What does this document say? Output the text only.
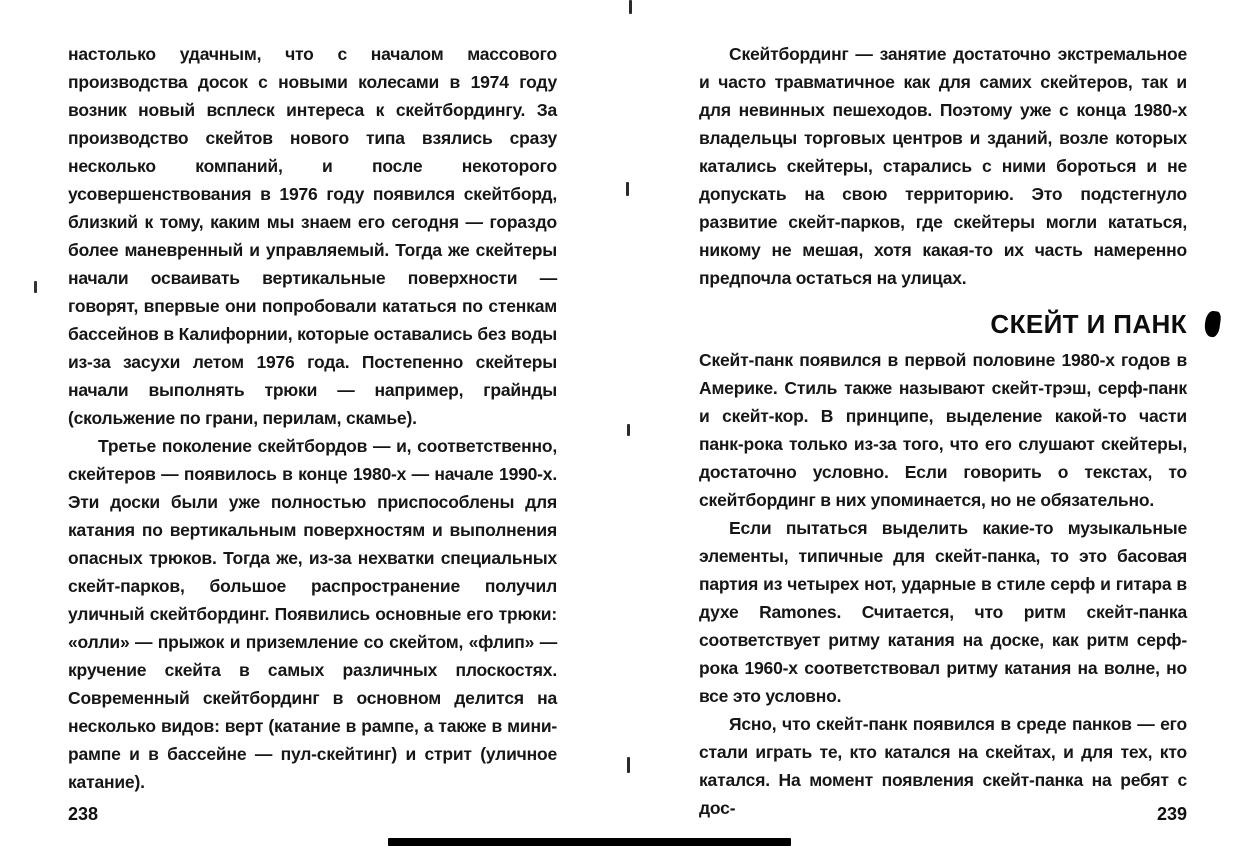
настолько удачным, что с началом массового производства досок с новыми колесами в 1974 году возник новый всплеск интереса к скейтбордингу. За производство скейтов нового типа взялись сразу несколько компаний, и после некоторого усовершенствования в 1976 году появился скейтборд, близкий к тому, каким мы знаем его сегодня — гораздо более маневренный и управляемый. Тогда же скейтеры начали осваивать вертикальные поверхности — говорят, впервые они попробовали кататься по стенкам бассейнов в Калифорнии, которые оставались без воды из-за засухи летом 1976 года. Постепенно скейтеры начали выполнять трюки — например, грайнды (скольжение по грани, перилам, скамье).

Третье поколение скейтбордов — и, соответственно, скейтеров — появилось в конце 1980-х — начале 1990-х. Эти доски были уже полностью приспособлены для катания по вертикальным поверхностям и выполнения опасных трюков. Тогда же, из-за нехватки специальных скейт-парков, большое распространение получил уличный скейтбординг. Появились основные его трюки: «олли» — прыжок и приземление со скейтом, «флип» — кручение скейта в самых различных плоскостях. Современный скейтбординг в основном делится на несколько видов: верт (катание в рампе, а также в мини-рампе и в бассейне — пул-скейтинг) и стрит (уличное катание).

Скейтбординг — занятие достаточно экстремальное и часто травматичное как для самих скейтеров, так и для невинных пешеходов. Поэтому уже с конца 1980-х владельцы торговых центров и зданий, возле которых катались скейтеры, старались с ними бороться и не допускать на свою территорию. Это подстегнуло развитие скейт-парков, где скейтеры могли кататься, никому не мешая, хотя какая-то их часть намеренно предпочла остаться на улицах.

СКЕЙТ И ПАНК

Скейт-панк появился в первой половине 1980-х годов в Америке. Стиль также называют скейт-трэш, серф-панк и скейт-кор. В принципе, выделение какой-то части панк-рока только из-за того, что его слушают скейтеры, достаточно условно. Если говорить о текстах, то скейтбординг в них упоминается, но не обязательно.

Если пытаться выделить какие-то музыкальные элементы, типичные для скейт-панка, то это басовая партия из четырех нот, ударные в стиле серф и гитара в духе Ramones. Считается, что ритм скейт-панка соответствует ритму катания на доске, как ритм серф-рока 1960-х соответствовал ритму катания на волне, но все это условно.

Ясно, что скейт-панк появился в среде панков — его стали играть те, кто катался на скейтах, и для тех, кто катался. На момент появления скейт-панка на ребят с дос-

238	239
